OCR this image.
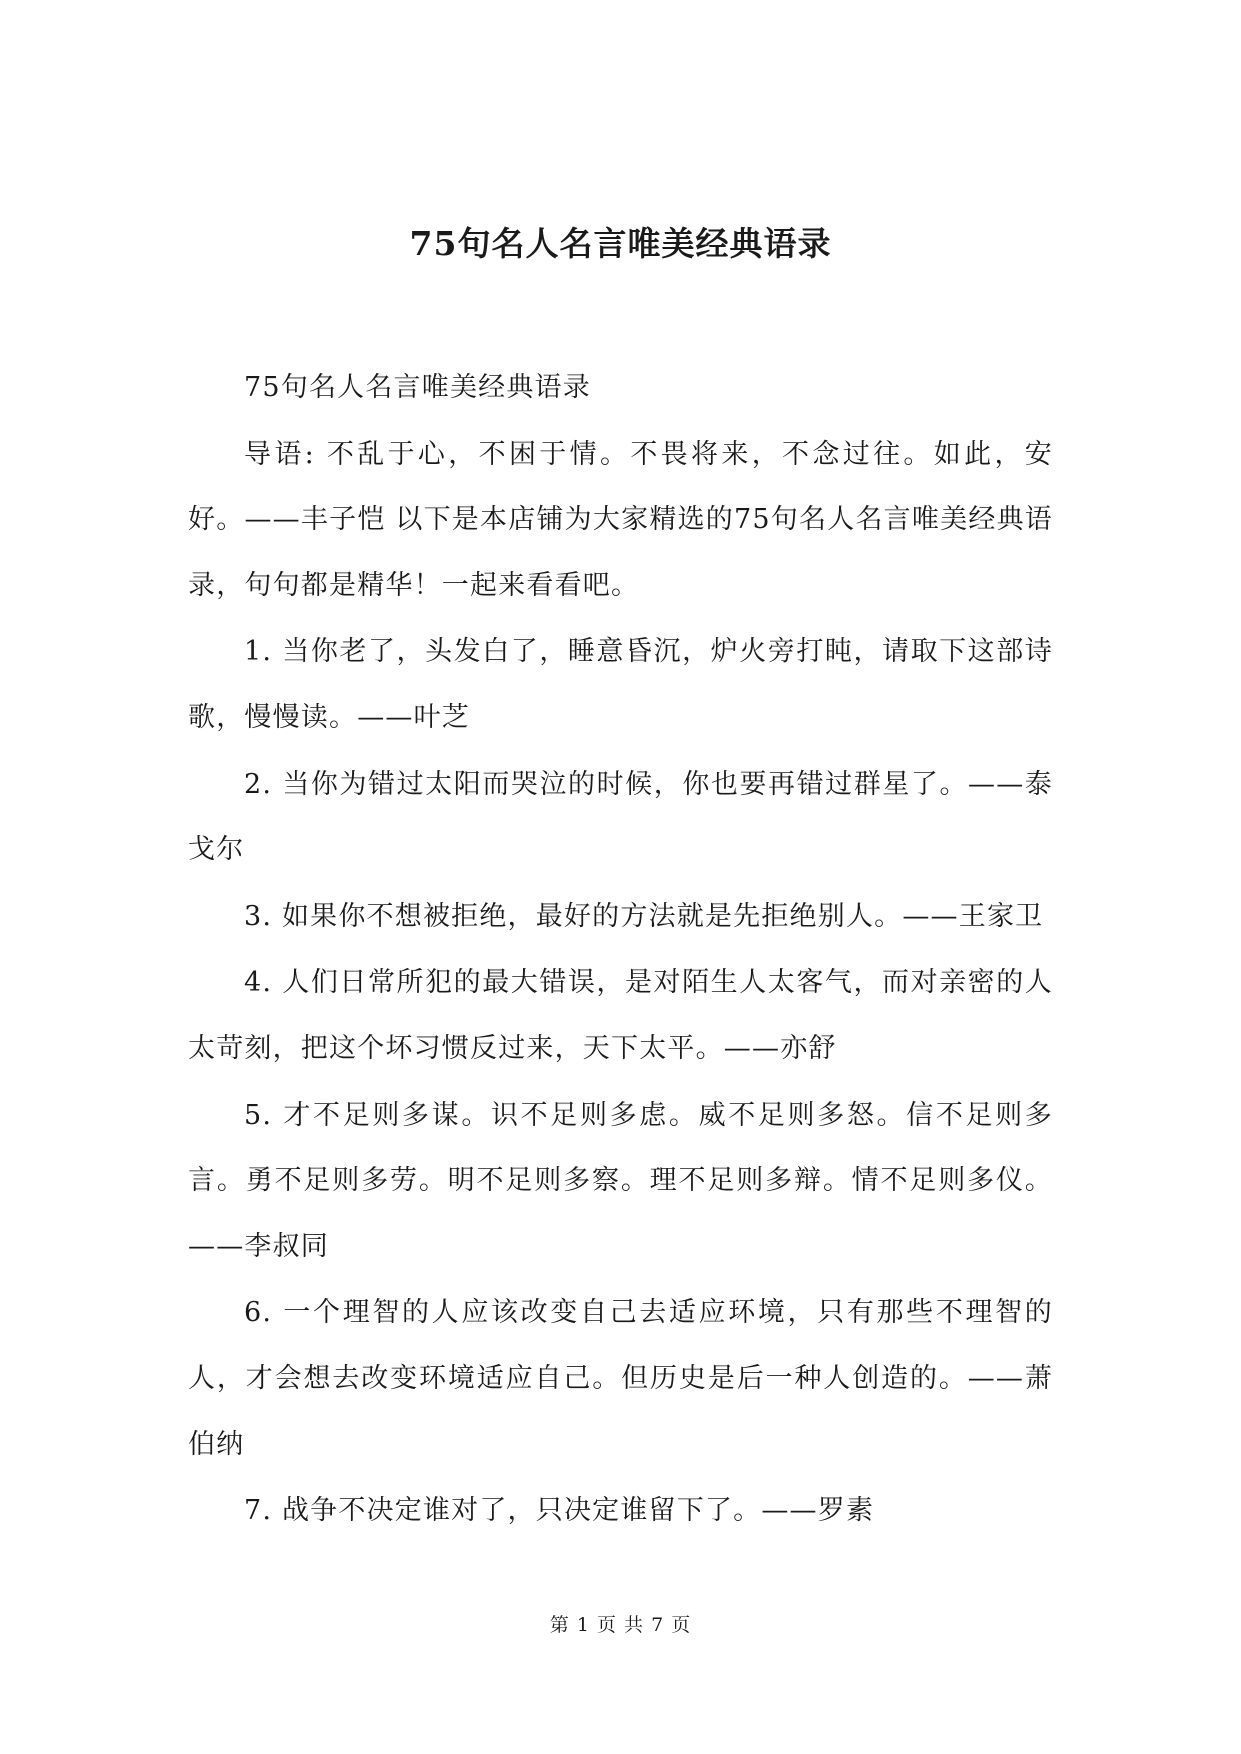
75句名人名言唯美经典语录

75句名人名言唯美经典语录

导语: 不乱于心，不困于情。不畏将来，不念过往。如此，安好。——丰子恺 以下是本店铺为大家精选的75句名人名言唯美经典语录，句句都是精华！一起来看看吧。

1. 当你老了，头发白了，睡意昏沉，炉火旁打盹，请取下这部诗歌，慢慢读。——叶芝

2. 当你为错过太阳而哭泣的时候，你也要再错过群星了。——泰戈尔

3. 如果你不想被拒绝，最好的方法就是先拒绝别人。——王家卫

4. 人们日常所犯的最大错误，是对陌生人太客气，而对亲密的人太苛刻，把这个坏习惯反过来，天下太平。——亦舒

5. 才不足则多谋。识不足则多虑。威不足则多怒。信不足则多言。勇不足则多劳。明不足则多察。理不足则多辩。情不足则多仪。——李叔同

6. 一个理智的人应该改变自己去适应环境，只有那些不理智的人，才会想去改变环境适应自己。但历史是后一种人创造的。——萧伯纳

7. 战争不决定谁对了，只决定谁留下了。——罗素

第 1 页 共 7 页
